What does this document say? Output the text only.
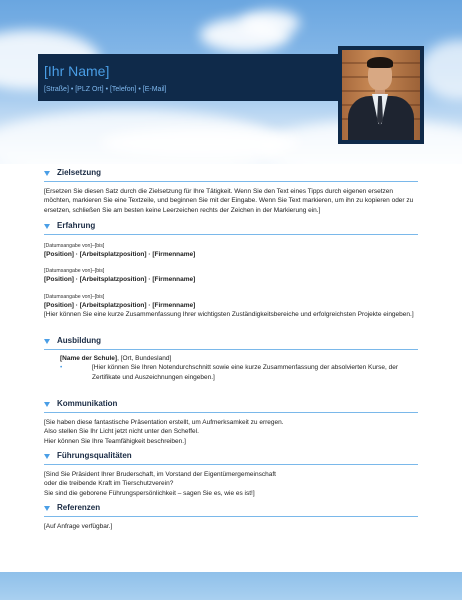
[Ihr Name]
[Straße] • [PLZ Ort] • [Telefon] • [E-Mail]
Zielsetzung
[Ersetzen Sie diesen Satz durch die Zielsetzung für Ihre Tätigkeit. Wenn Sie den Text eines Tipps durch eigenen ersetzen möchten, markieren Sie eine Textzeile, und beginnen Sie mit der Eingabe. Wenn Sie Text markieren, um ihn zu kopieren oder zu ersetzen, schließen Sie am besten keine Leerzeichen rechts der Zeichen in der Markierung ein.]
Erfahrung
[Datumsangabe von]–[bis]
[Position] · [Arbeitsplatzposition] · [Firmenname]
[Datumsangabe von]–[bis]
[Position] · [Arbeitsplatzposition] · [Firmenname]
[Datumsangabe von]–[bis]
[Position] · [Arbeitsplatzposition] · [Firmenname]
[Hier können Sie eine kurze Zusammenfassung Ihrer wichtigsten Zuständigkeitsbereiche und erfolgreichsten Projekte eingeben.]
Ausbildung
[Name der Schule], [Ort, Bundesland]
•	[Hier können Sie Ihren Notendurchschnitt sowie eine kurze Zusammenfassung der absolvierten Kurse, der Zertifikate und Auszeichnungen eingeben.]
Kommunikation
[Sie haben diese fantastische Präsentation erstellt, um Aufmerksamkeit zu erregen.
Also stellen Sie Ihr Licht jetzt nicht unter den Scheffel.
Hier können Sie Ihre Teamfähigkeit beschreiben.]
Führungsqualitäten
[Sind Sie Präsident Ihrer Bruderschaft, im Vorstand der Eigentümergemeinschaft
oder die treibende Kraft im Tierschutzverein?
Sie sind die geborene Führungspersönlichkeit – sagen Sie es, wie es ist!]
Referenzen
[Auf Anfrage verfügbar.]
